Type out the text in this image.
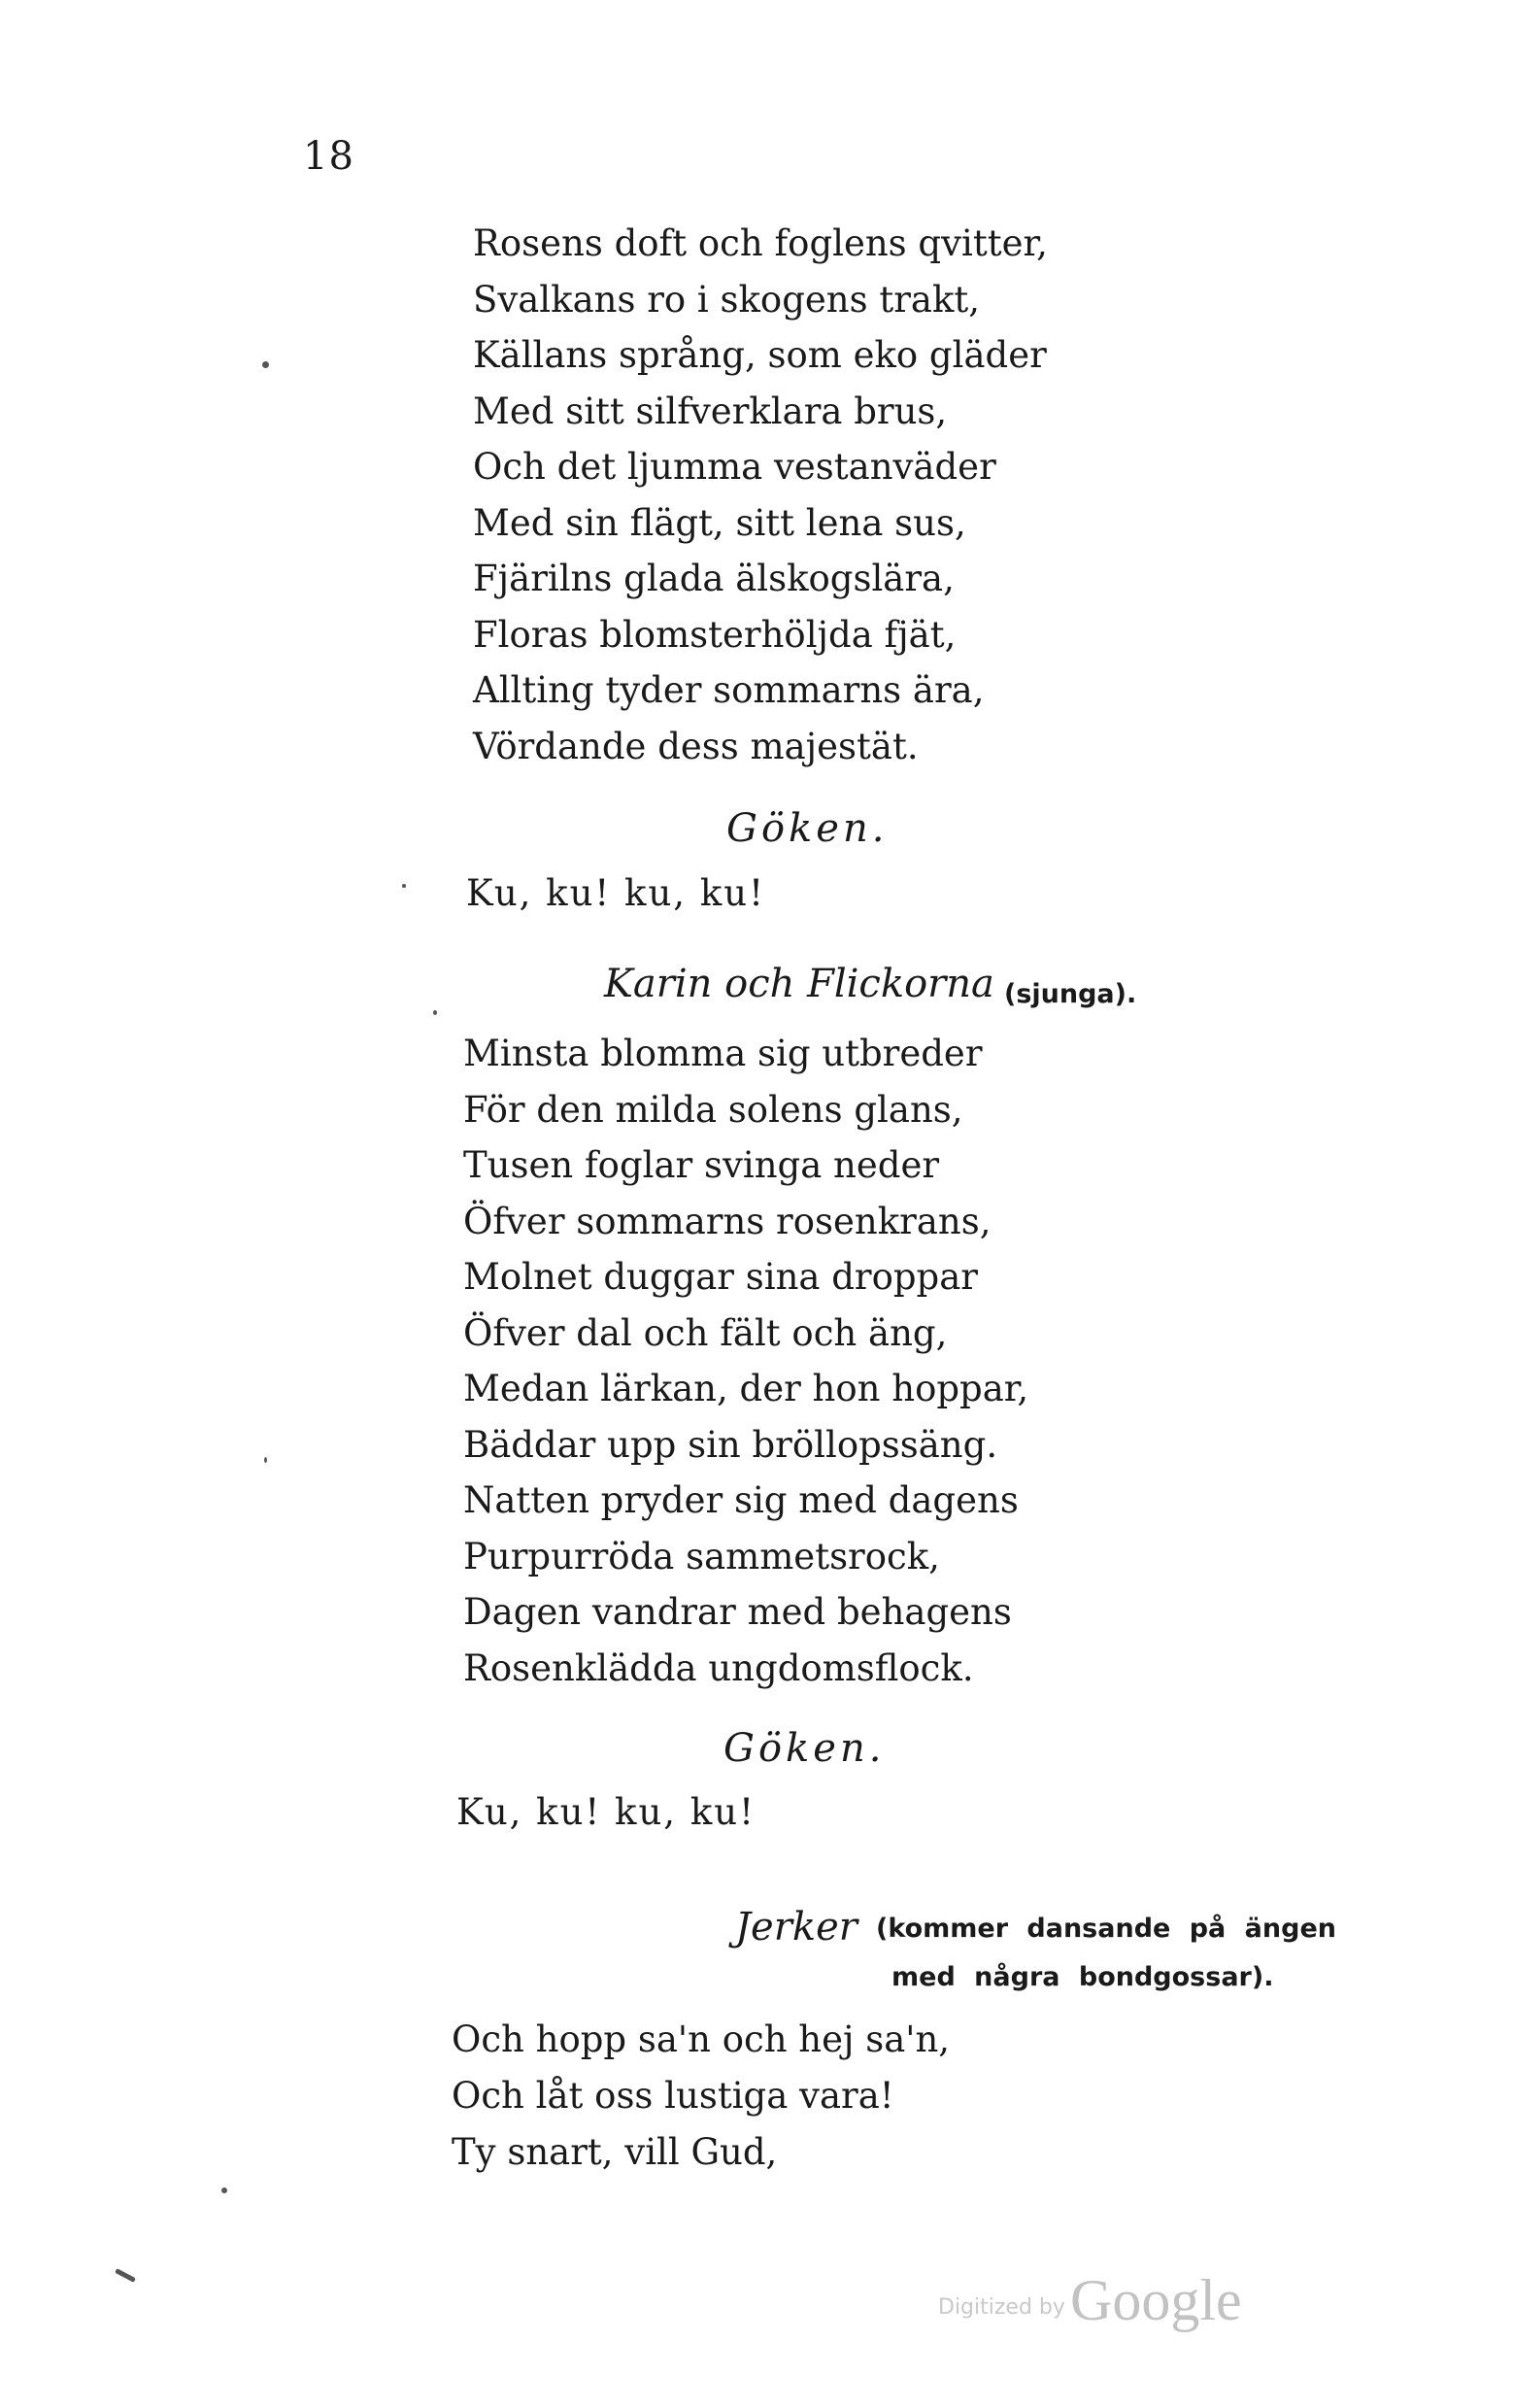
18
Rosens doft och foglens qvitter,
Svalkans ro i skogens trakt,
Källans språng, som eko gläder
Med sitt silfverklara brus,
Och det ljumma vestanväder
Med sin flägt, sitt lena sus,
Fjärilns glada älskogslära,
Floras blomsterhöljda fjät,
Allting tyder sommarns ära,
Vördande dess majestät.
Göken.
Ku, ku! ku, ku!
Karin och Flickorna (sjunga).
Minsta blomma sig utbreder
För den milda solens glans,
Tusen foglar svinga neder
Öfver sommarns rosenkrans,
Molnet duggar sina droppar
Öfver dal och fält och äng,
Medan lärkan, der hon hoppar,
Bäddar upp sin bröllopssäng.
Natten pryder sig med dagens
Purpurröda sammetsrock,
Dagen vandrar med behagens
Rosenklädda ungdomsflock.
Göken.
Ku, ku! ku, ku!
Jerker (kommer dansande på ängen
med några bondgossar).
Och hopp sa'n och hej sa'n,
Och låt oss lustiga vara!
Ty snart, vill Gud,
Digitized by Google
